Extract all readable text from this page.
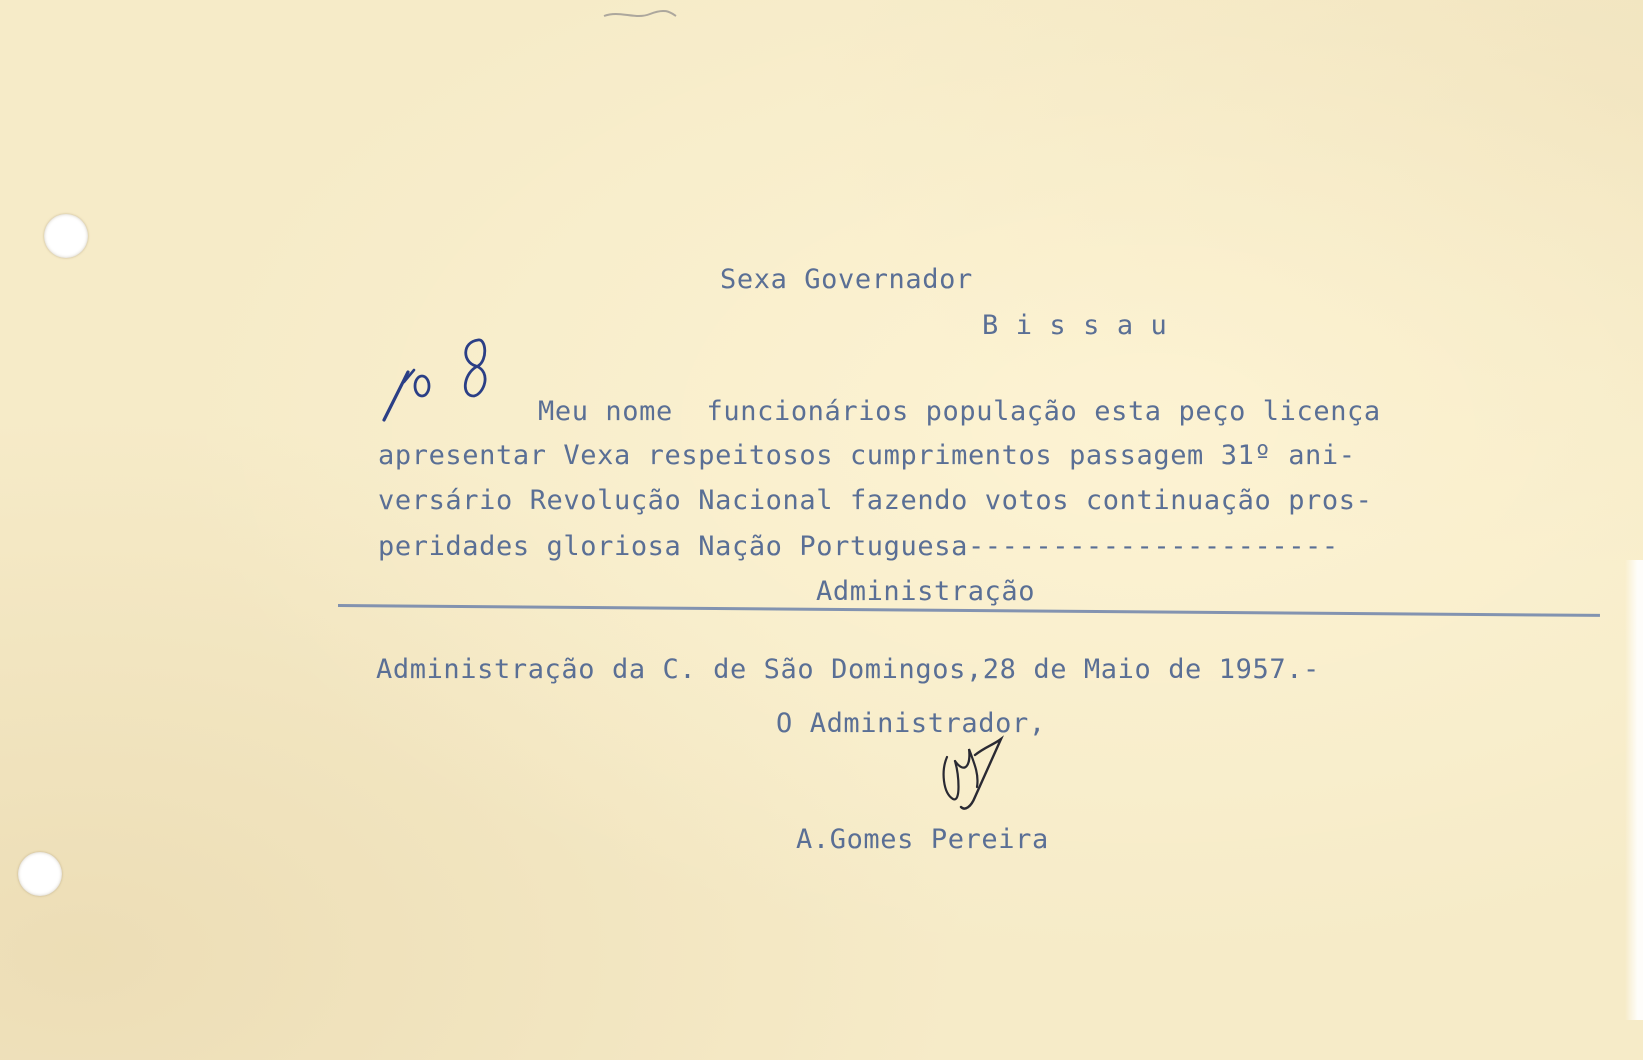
Sexa Governador
B i s s a u
Meu nome  funcionários população esta peço licença
apresentar Vexa respeitosos cumprimentos passagem 31º ani-
versário Revolução Nacional fazendo votos continuação pros-
peridades gloriosa Nação Portuguesa----------------------
Administração
Administração da C. de São Domingos,28 de Maio de 1957.-
O Administrador,
A.Gomes Pereira
